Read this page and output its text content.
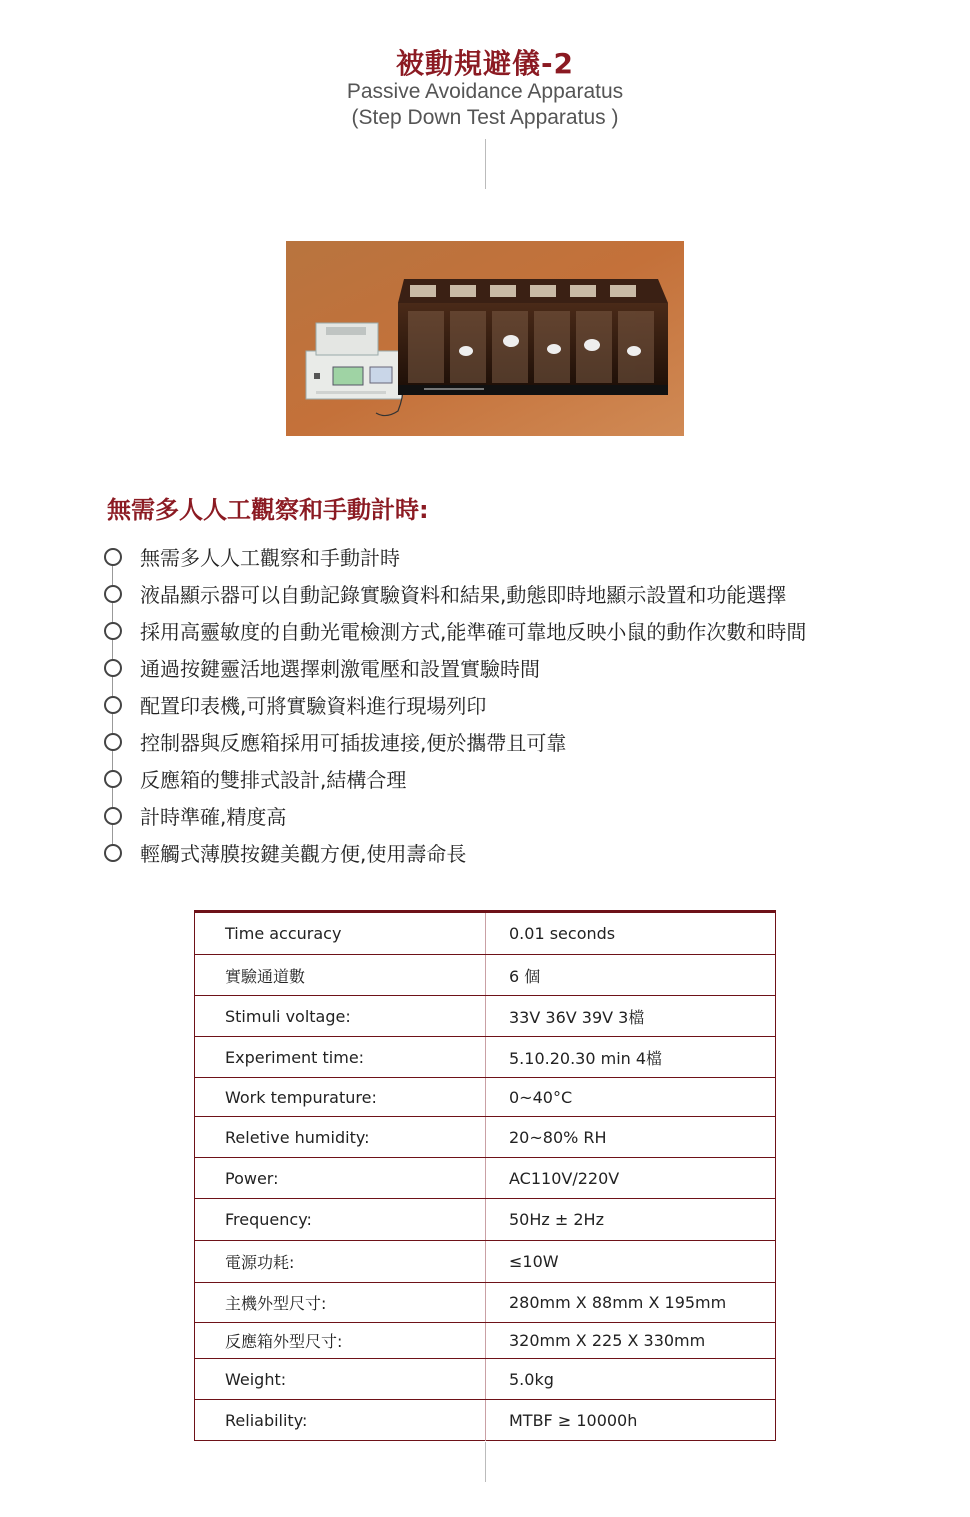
被動規避儀-2
Passive Avoidance Apparatus
(Step Down Test Apparatus )
無需多人人工觀察和手動計時:
無需多人人工觀察和手動計時
液晶顯示器可以自動記錄實驗資料和結果,動態即時地顯示設置和功能選擇
採用高靈敏度的自動光電檢測方式,能準確可靠地反映小鼠的動作次數和時間
通過按鍵靈活地選擇刺激電壓和設置實驗時間
配置印表機,可將實驗資料進行現場列印
控制器與反應箱採用可插拔連接,便於攜帶且可靠
反應箱的雙排式設計,結構合理
計時準確,精度高
輕觸式薄膜按鍵美觀方便,使用壽命長
Time accuracy	0.01 seconds
實驗通道數	6 個
Stimuli voltage:	33V 36V 39V 3檔
Experiment time:	5.10.20.30 min 4檔
Work tempurature:	0~40°C
Reletive humidity:	20~80% RH
Power:	AC110V/220V
Frequency:	50Hz ± 2Hz
電源功耗:	≤10W
主機外型尺寸:	280mm X 88mm X 195mm
反應箱外型尺寸:	320mm X 225 X 330mm
Weight:	5.0kg
Reliability:	MTBF ≥ 10000h
